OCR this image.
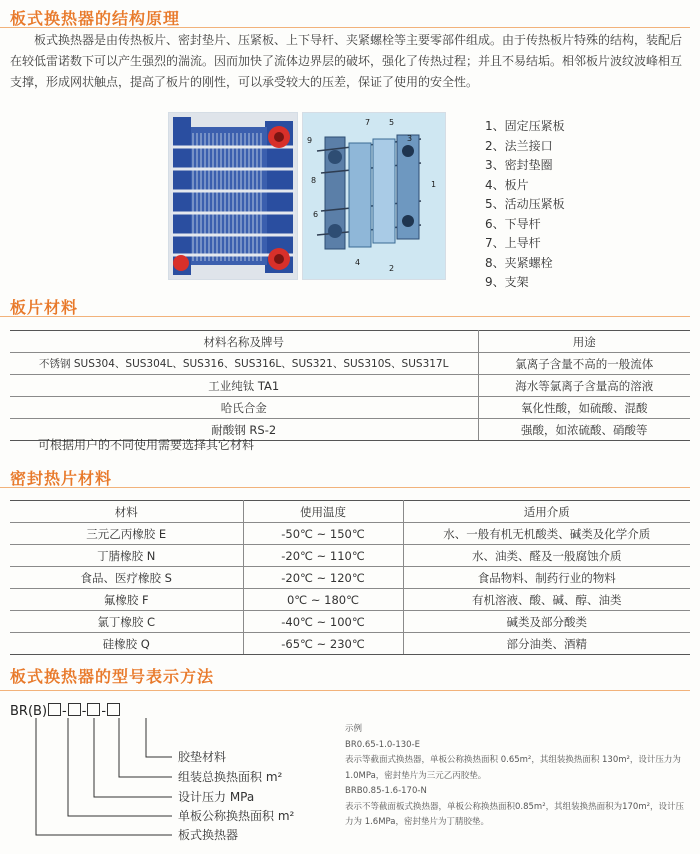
板式换热器的结构原理

板式换热器是由传热板片、密封垫片、压紧板、上下导杆、夹紧螺栓等主要零部件组成。由于传热板片特殊的结构，装配后在较低雷诺数下可以产生强烈的湍流。因而加快了流体边界层的破坏，强化了传热过程；并且不易结垢。相邻板片波纹波峰相互支撑，形成网状触点，提高了板片的刚性，可以承受较大的压差，保证了使用的安全性。

9
7 5
3
8	1
6
4
2
1、固定压紧板
2、法兰接口
3、密封垫圈
4、板片
5、活动压紧板
6、下导杆
7、上导杆
8、夹紧螺栓
9、支架
板片材料
材料名称及牌号	用途
不锈钢 SUS304、SUS304L、SUS316、SUS316L、SUS321、SUS310S、SUS317L	氯离子含量不高的一般流体
工业纯钛 TA1	海水等氯离子含量高的溶液
哈氏合金	氧化性酸，如硫酸、混酸
耐酸钢 RS-2	强酸，如浓硫酸、硝酸等
可根据用户的不同使用需要选择其它材料
密封热片材料
材料	使用温度	适用介质
三元乙丙橡胶 E	-50℃ ~ 150℃	水、一般有机无机酸类、碱类及化学介质
丁腈橡胶 N	-20℃ ~ 110℃	水、油类、醛及一般腐蚀介质
食品、医疗橡胶 S	-20℃ ~ 120℃	食品物料、制药行业的物料
氟橡胶 F	0℃ ~ 180℃	有机溶液、酸、碱、醇、油类
氯丁橡胶 C	-40℃ ~ 100℃	碱类及部分酸类
硅橡胶 Q	-65℃ ~ 230℃	部分油类、酒精
板式换热器的型号表示方法
BR(B) - - -
胶垫材料
组装总换热面积 m²
设计压力 MPa
单板公称换热面积 m²
板式换热器

示例

BR0.65-1.0-130-E

表示等截面式换热器，单板公称换热面积 0.65m²，其组装换热面积 130m²，设计压力为 1.0MPa，密封垫片为三元乙丙胶垫。

BRB0.85-1.6-170-N

表示不等截面板式换热器，单板公称换热面积0.85m²，其组装换热面积为170m²，设计压力为 1.6MPa，密封垫片为丁腈胶垫。
